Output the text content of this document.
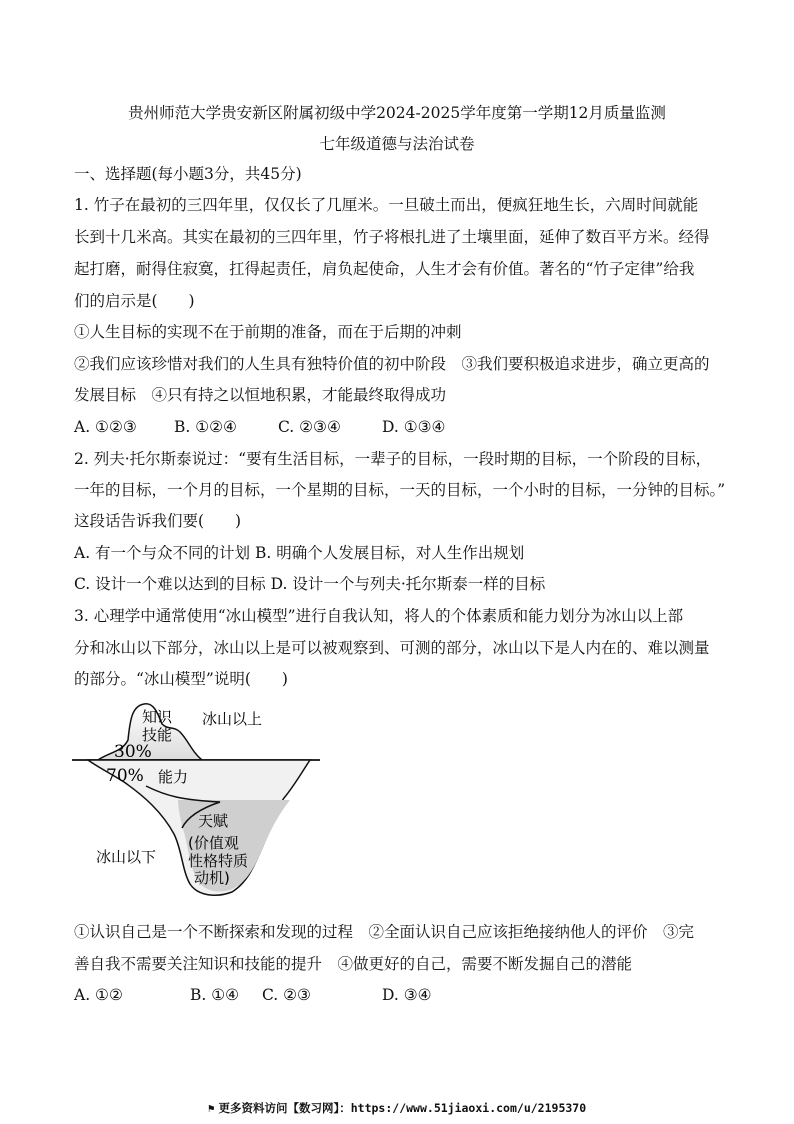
贵州师范大学贵安新区附属初级中学2024-2025学年度第一学期12月质量监测
七年级道德与法治试卷
一、选择题(每小题3分，共45分)
1. 竹子在最初的三四年里，仅仅长了几厘米。一旦破土而出，便疯狂地生长，六周时间就能
长到十几米高。其实在最初的三四年里，竹子将根扎进了土壤里面，延伸了数百平方米。经得
起打磨，耐得住寂寞，扛得起责任，肩负起使命，人生才会有价值。著名的“竹子定律”给我
们的启示是(　　)
①人生目标的实现不在于前期的准备，而在于后期的冲刺
②我们应该珍惜对我们的人生具有独特价值的初中阶段　③我们要积极追求进步，确立更高的
发展目标　④只有持之以恒地积累，才能最终取得成功
A. ①②③ B. ①②④	C. ②③④	D. ①③④
2. 列夫·托尔斯泰说过：“要有生活目标，一辈子的目标，一段时期的目标，一个阶段的目标，
一年的目标，一个月的目标，一个星期的目标，一天的目标，一个小时的目标，一分钟的目标。”
这段话告诉我们要(　　)
A. 有一个与众不同的计划 B. 明确个人发展目标，对人生作出规划
C. 设计一个难以达到的目标 D. 设计一个与列夫·托尔斯泰一样的目标
3. 心理学中通常使用“冰山模型”进行自我认知，将人的个体素质和能力划分为冰山以上部
分和冰山以下部分，冰山以上是可以被观察到、可测的部分，冰山以下是人内在的、难以测量
的部分。“冰山模型”说明(　　)
知识
技能
冰山以上
30%
70% 能力
天赋
(价值观
性格特质
动机)
冰山以下
①认识自己是一个不断探索和发现的过程　②全面认识自己应该拒绝接纳他人的评价　③完
善自我不需要关注知识和技能的提升　④做更好的自己，需要不断发掘自己的潜能
A. ①②	B. ①④ C. ②③	D. ③④
⚑ 更多资料访问【数习网】：https://www.51jiaoxi.com/u/2195370
